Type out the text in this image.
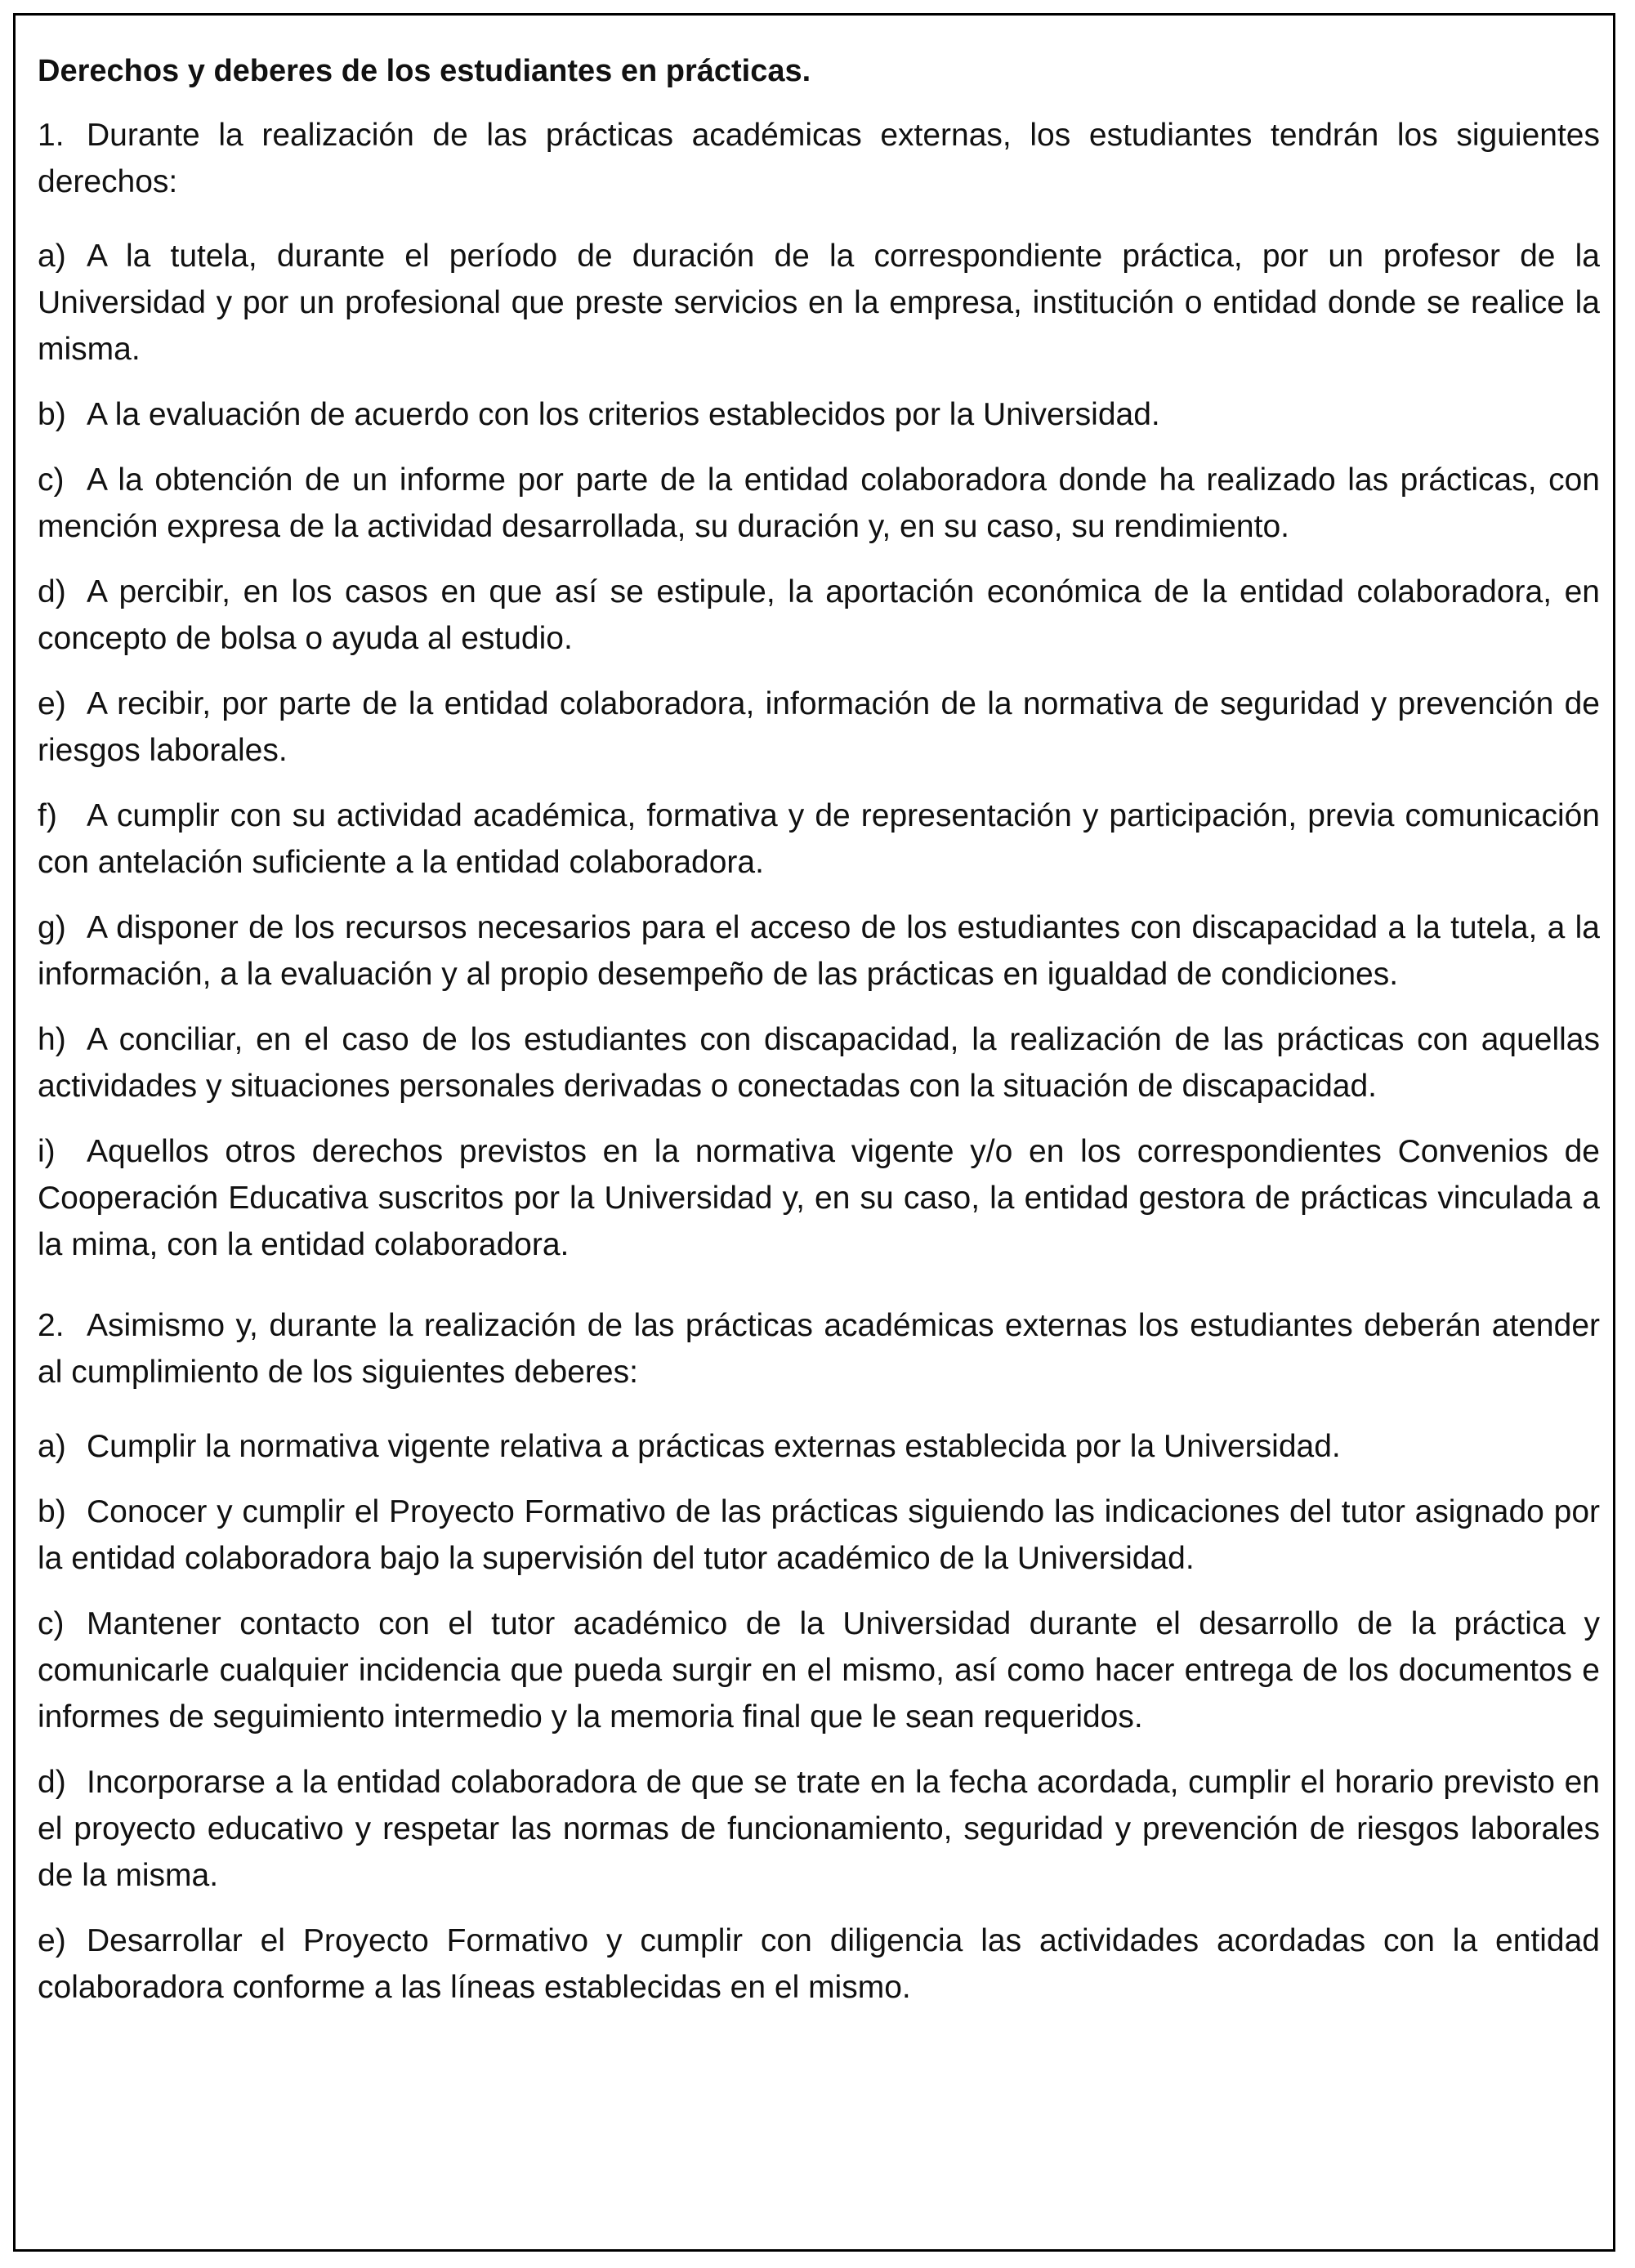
Derechos y deberes de los estudiantes en prácticas.
1. Durante la realización de las prácticas académicas externas, los estudiantes tendrán los siguientes derechos:
a) A la tutela, durante el período de duración de la correspondiente práctica, por un profesor de la Universidad y por un profesional que preste servicios en la empresa, institución o entidad donde se realice la misma.
b) A la evaluación de acuerdo con los criterios establecidos por la Universidad.
c) A la obtención de un informe por parte de la entidad colaboradora donde ha realizado las prácticas, con mención expresa de la actividad desarrollada, su duración y, en su caso, su rendimiento.
d) A percibir, en los casos en que así se estipule, la aportación económica de la entidad colaboradora, en concepto de bolsa o ayuda al estudio.
e) A recibir, por parte de la entidad colaboradora, información de la normativa de seguridad y prevención de riesgos laborales.
f) A cumplir con su actividad académica, formativa y de representación y participación, previa comunicación con antelación suficiente a la entidad colaboradora.
g) A disponer de los recursos necesarios para el acceso de los estudiantes con discapacidad a la tutela, a la información, a la evaluación y al propio desempeño de las prácticas en igualdad de condiciones.
h) A conciliar, en el caso de los estudiantes con discapacidad, la realización de las prácticas con aquellas actividades y situaciones personales derivadas o conectadas con la situación de discapacidad.
i) Aquellos otros derechos previstos en la normativa vigente y/o en los correspondientes Convenios de Cooperación Educativa suscritos por la Universidad y, en su caso, la entidad gestora de prácticas vinculada a la mima, con la entidad colaboradora.
2. Asimismo y, durante la realización de las prácticas académicas externas los estudiantes deberán atender al cumplimiento de los siguientes deberes:
a) Cumplir la normativa vigente relativa a prácticas externas establecida por la Universidad.
b) Conocer y cumplir el Proyecto Formativo de las prácticas siguiendo las indicaciones del tutor asignado por la entidad colaboradora bajo la supervisión del tutor académico de la Universidad.
c) Mantener contacto con el tutor académico de la Universidad durante el desarrollo de la práctica y comunicarle cualquier incidencia que pueda surgir en el mismo, así como hacer entrega de los documentos e informes de seguimiento intermedio y la memoria final que le sean requeridos.
d) Incorporarse a la entidad colaboradora de que se trate en la fecha acordada, cumplir el horario previsto en el proyecto educativo y respetar las normas de funcionamiento, seguridad y prevención de riesgos laborales de la misma.
e) Desarrollar el Proyecto Formativo y cumplir con diligencia las actividades acordadas con la entidad colaboradora conforme a las líneas establecidas en el mismo.
